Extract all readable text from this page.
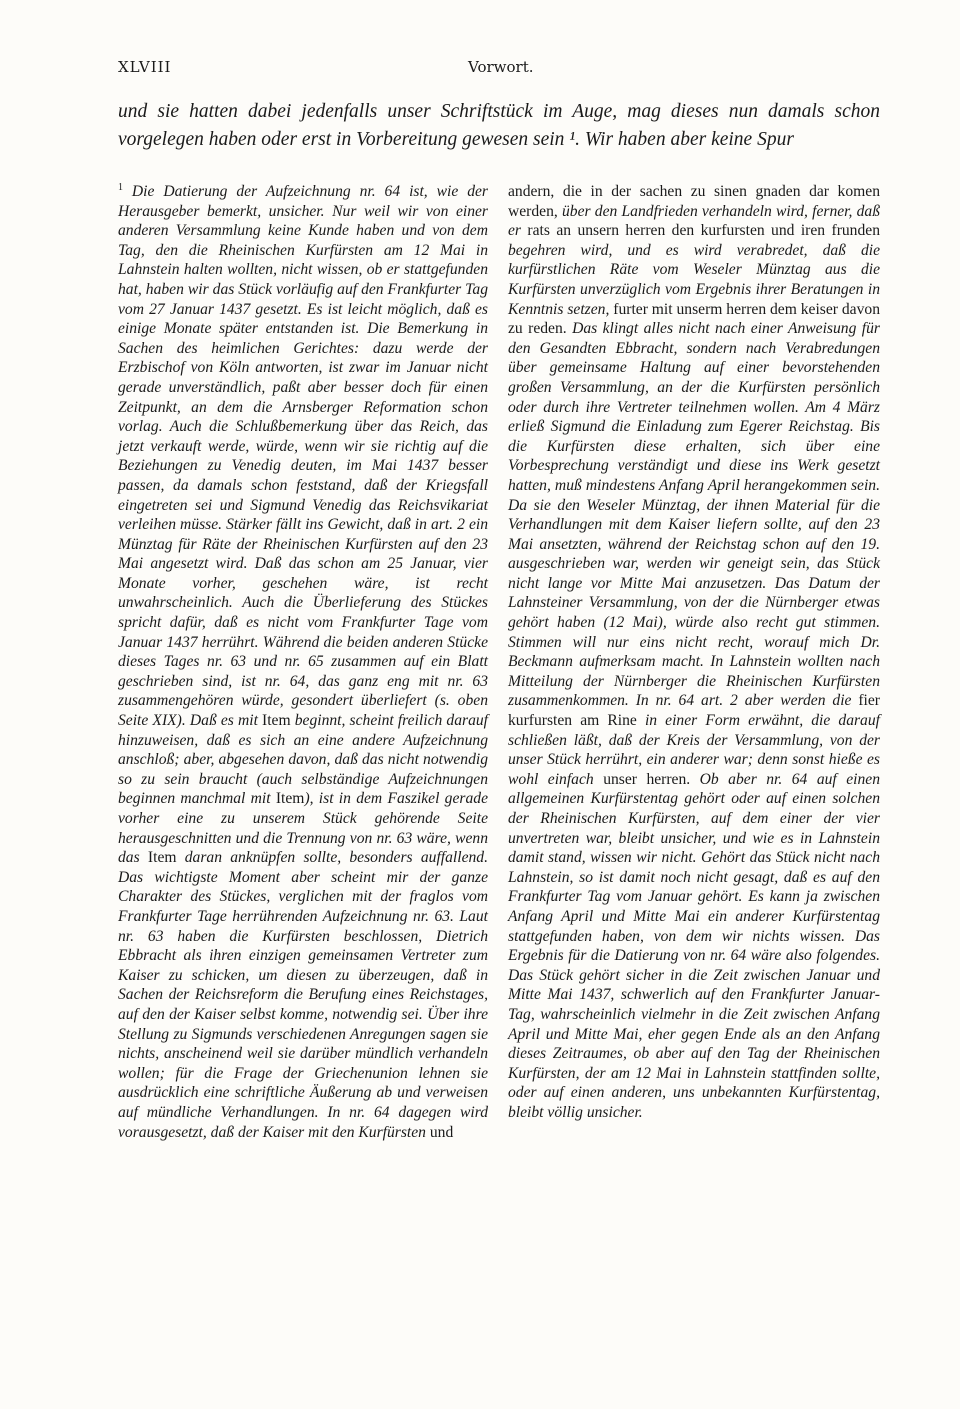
XLVIII	Vorwort.
und sie hatten dabei jedenfalls unser Schriftstück im Auge, mag dieses nun damals schon vorgelegen haben oder erst in Vorbereitung gewesen sein ¹. Wir haben aber keine Spur
$^1$ Die Datierung der Aufzeichnung nr. 64 ist, wie der Herausgeber bemerkt, unsicher. Nur weil wir von einer anderen Versammlung keine Kunde haben und von dem Tag, den die Rheinischen Kurfürsten am 12 Mai in Lahnstein halten wollten, nicht wissen, ob er stattgefunden hat, haben wir das Stück vorläufig auf den Frankfurter Tag vom 27 Januar 1437 gesetzt. Es ist leicht möglich, daß es einige Monate später entstanden ist. Die Bemerkung in Sachen des heimlichen Gerichtes: dazu werde der Erzbischof von Köln antworten, ist zwar im Januar nicht gerade unverständlich, paßt aber besser doch für einen Zeitpunkt, an dem die Arnsberger Reformation schon vorlag. Auch die Schlußbemerkung über das Reich, das jetzt verkauft werde, würde, wenn wir sie richtig auf die Beziehungen zu Venedig deuten, im Mai 1437 besser passen, da damals schon feststand, daß der Kriegsfall eingetreten sei und Sigmund Venedig das Reichsvikariat verleihen müsse. Stärker fällt ins Gewicht, daß in art. 2 ein Münztag für Räte der Rheinischen Kurfürsten auf den 23 Mai angesetzt wird. Daß das schon am 25 Januar, vier Monate vorher, geschehen wäre, ist recht unwahrscheinlich. Auch die Überlieferung des Stückes spricht dafür, daß es nicht vom Frankfurter Tage vom Januar 1437 herrührt. Während die beiden anderen Stücke dieses Tages nr. 63 und nr. 65 zusammen auf ein Blatt geschrieben sind, ist nr. 64, das ganz eng mit nr. 63 zusammengehören würde, gesondert überliefert (s. oben Seite XIX). Daß es mit Item beginnt, scheint freilich darauf hinzuweisen, daß es sich an eine andere Aufzeichnung anschloß; aber, abgesehen davon, daß das nicht notwendig so zu sein braucht (auch selbständige Aufzeichnungen beginnen manchmal mit Item), ist in dem Faszikel gerade vorher eine zu unserem Stück gehörende Seite herausgeschnitten und die Trennung von nr. 63 wäre, wenn das Item daran anknüpfen sollte, besonders auffallend. Das wichtigste Moment aber scheint mir der ganze Charakter des Stückes, verglichen mit der fraglos vom Frankfurter Tage herrührenden Aufzeichnung nr. 63. Laut nr. 63 haben die Kurfürsten beschlossen, Dietrich Ebbracht als ihren einzigen gemeinsamen Vertreter zum Kaiser zu schicken, um diesen zu überzeugen, daß in Sachen der Reichsreform die Berufung eines Reichstages, auf den der Kaiser selbst komme, notwendig sei. Über ihre Stellung zu Sigmunds verschiedenen Anregungen sagen sie nichts, anscheinend weil sie darüber mündlich verhandeln wollen; für die Frage der Griechenunion lehnen sie ausdrücklich eine schriftliche Äußerung ab und verweisen auf mündliche Verhandlungen. In nr. 64 dagegen wird vorausgesetzt, daß der Kaiser mit den Kurfürsten und
andern, die in der sachen zu sinen gnaden dar komen werden, über den Landfrieden verhandeln wird, ferner, daß er rats an unsern herren den kurfursten und iren frunden begehren wird, und es wird verabredet, daß die kurfürstlichen Räte vom Weseler Münztag aus die Kurfürsten unverzüglich vom Ergebnis ihrer Beratungen in Kenntnis setzen, furter mit unserm herren dem keiser davon zu reden. Das klingt alles nicht nach einer Anweisung für den Gesandten Ebbracht, sondern nach Verabredungen über gemeinsame Haltung auf einer bevorstehenden großen Versammlung, an der die Kurfürsten persönlich oder durch ihre Vertreter teilnehmen wollen. Am 4 März erließ Sigmund die Einladung zum Egerer Reichstag. Bis die Kurfürsten diese erhalten, sich über eine Vorbesprechung verständigt und diese ins Werk gesetzt hatten, muß mindestens Anfang April herangekommen sein. Da sie den Weseler Münztag, der ihnen Material für die Verhandlungen mit dem Kaiser liefern sollte, auf den 23 Mai ansetzten, während der Reichstag schon auf den 19. ausgeschrieben war, werden wir geneigt sein, das Stück nicht lange vor Mitte Mai anzusetzen. Das Datum der Lahnsteiner Versammlung, von der die Nürnberger etwas gehört haben (12 Mai), würde also recht gut stimmen. Stimmen will nur eins nicht recht, worauf mich Dr. Beckmann aufmerksam macht. In Lahnstein wollten nach Mitteilung der Nürnberger die Rheinischen Kurfürsten zusammenkommen. In nr. 64 art. 2 aber werden die fier kurfursten am Rine in einer Form erwähnt, die darauf schließen läßt, daß der Kreis der Versammlung, von der unser Stück herrührt, ein anderer war; denn sonst hieße es wohl einfach unser herren. Ob aber nr. 64 auf einen allgemeinen Kurfürstentag gehört oder auf einen solchen der Rheinischen Kurfürsten, auf dem einer der vier unvertreten war, bleibt unsicher, und wie es in Lahnstein damit stand, wissen wir nicht. Gehört das Stück nicht nach Lahnstein, so ist damit noch nicht gesagt, daß es auf den Frankfurter Tag vom Januar gehört. Es kann ja zwischen Anfang April und Mitte Mai ein anderer Kurfürstentag stattgefunden haben, von dem wir nichts wissen. Das Ergebnis für die Datierung von nr. 64 wäre also folgendes. Das Stück gehört sicher in die Zeit zwischen Januar und Mitte Mai 1437, schwerlich auf den Frankfurter Januar-Tag, wahrscheinlich vielmehr in die Zeit zwischen Anfang April und Mitte Mai, eher gegen Ende als an den Anfang dieses Zeitraumes, ob aber auf den Tag der Rheinischen Kurfürsten, der am 12 Mai in Lahnstein stattfinden sollte, oder auf einen anderen, uns unbekannten Kurfürstentag, bleibt völlig unsicher.
